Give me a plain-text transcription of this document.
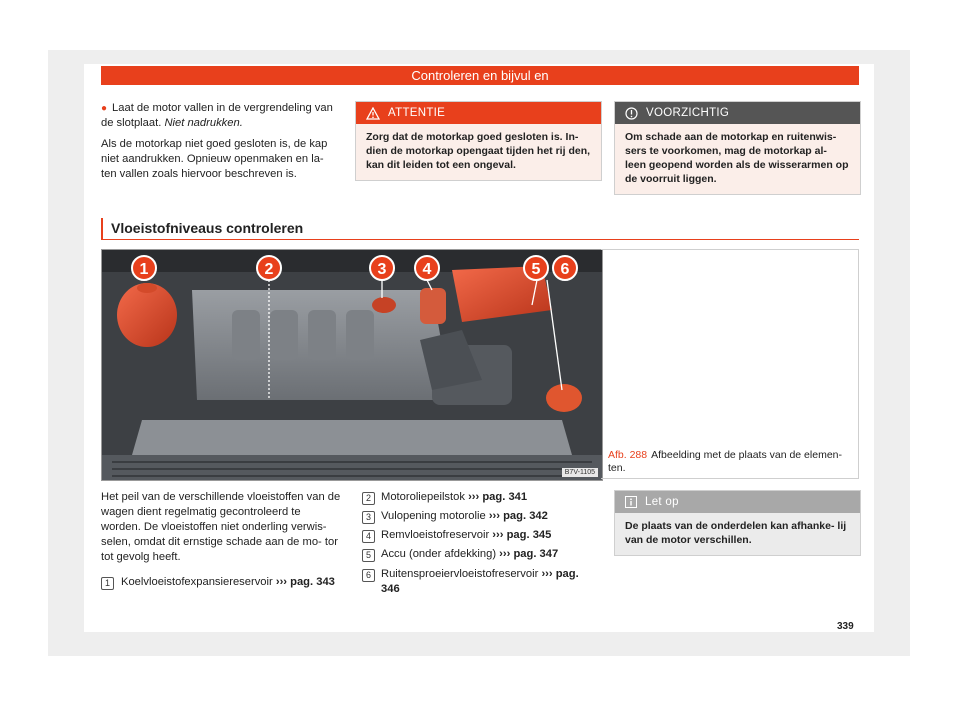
Controleren en bijvul en

● Laat de motor vallen in de vergrendeling van de slotplaat. Niet nadrukken.

Als de motorkap niet goed gesloten is, de kap niet aandrukken. Opnieuw openmaken en la- ten vallen zoals hiervoor beschreven is.

ATTENTIE
Zorg dat de motorkap goed gesloten is. In- dien de motorkap opengaat tijden het rij den, kan dit leiden tot een ongeval.
VOORZICHTIG
Om schade aan de motorkap en ruitenwis- sers te voorkomen, mag de motorkap al- leen geopend worden als de wisserarmen op de voorruit liggen.
Vloeistofniveaus controleren
1	2	3	4	5	6
B7V-1105
Afb. 288 Afbeelding met de plaats van de elemen- ten.
Het peil van de verschillende vloeistoffen van de wagen dient regelmatig gecontroleerd te worden. De vloeistoffen niet onderling verwis- selen, omdat dit ernstige schade aan de mo- tor tot gevolg heeft.
1 Koelvloeistofexpansiereservoir ››› pag. 343
2 Motoroliepeilstok ››› pag. 341
3 Vulopening motorolie ››› pag. 342
4 Remvloeistofreservoir ››› pag. 345
5 Accu (onder afdekking) ››› pag. 347
6 Ruitensproeiervloeistofreservoir ››› pag. 346
Let op
De plaats van de onderdelen kan afhanke- lij van de motor verschillen.
339
